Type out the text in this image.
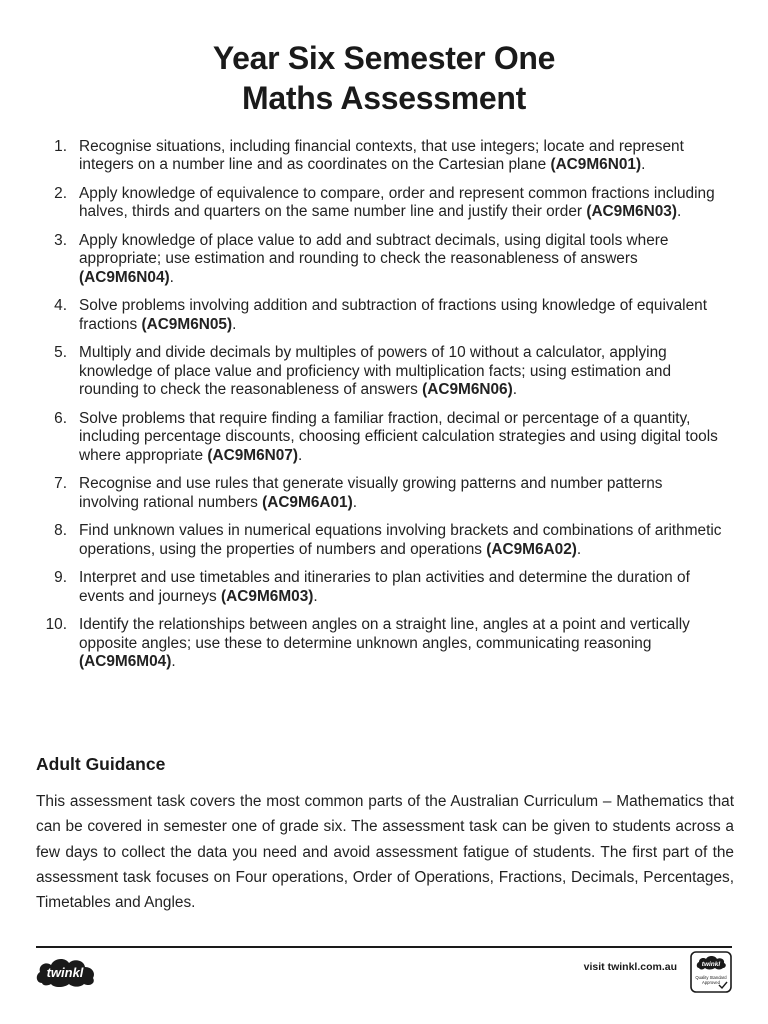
Year Six Semester One
Maths Assessment
1. Recognise situations, including financial contexts, that use integers; locate and represent integers on a number line and as coordinates on the Cartesian plane (AC9M6N01).
2. Apply knowledge of equivalence to compare, order and represent common fractions including halves, thirds and quarters on the same number line and justify their order (AC9M6N03).
3. Apply knowledge of place value to add and subtract decimals, using digital tools where appropriate; use estimation and rounding to check the reasonableness of answers (AC9M6N04).
4. Solve problems involving addition and subtraction of fractions using knowledge of equivalent fractions (AC9M6N05).
5. Multiply and divide decimals by multiples of powers of 10 without a calculator, applying knowledge of place value and proficiency with multiplication facts; using estimation and rounding to check the reasonableness of answers (AC9M6N06).
6. Solve problems that require finding a familiar fraction, decimal or percentage of a quantity, including percentage discounts, choosing efficient calculation strategies and using digital tools where appropriate (AC9M6N07).
7. Recognise and use rules that generate visually growing patterns and number patterns involving rational numbers (AC9M6A01).
8. Find unknown values in numerical equations involving brackets and combinations of arithmetic operations, using the properties of numbers and operations (AC9M6A02).
9. Interpret and use timetables and itineraries to plan activities and determine the duration of events and journeys (AC9M6M03).
10. Identify the relationships between angles on a straight line, angles at a point and vertically opposite angles; use these to determine unknown angles, communicating reasoning (AC9M6M04).
Adult Guidance
This assessment task covers the most common parts of the Australian Curriculum – Mathematics that can be covered in semester one of grade six. The assessment task can be given to students across a few days to collect the data you need and avoid assessment fatigue of students. The first part of the assessment task focuses on Four operations, Order of Operations, Fractions, Decimals, Percentages, Timetables and Angles.
twinkl	visit twinkl.com.au	twinkl
Quality Standard
Approved
